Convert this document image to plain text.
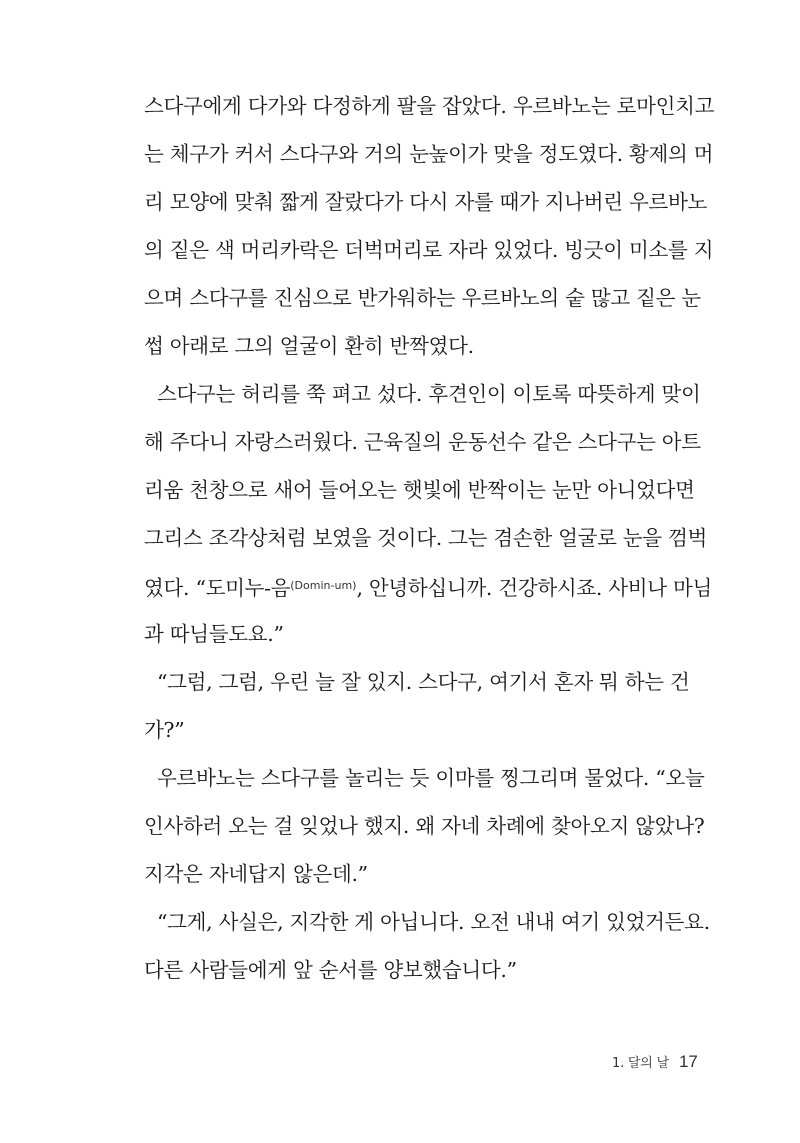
스다구에게 다가와 다정하게 팔을 잡았다. 우르바노는 로마인치고
는 체구가 커서 스다구와 거의 눈높이가 맞을 정도였다. 황제의 머
리 모양에 맞춰 짧게 잘랐다가 다시 자를 때가 지나버린 우르바노
의 짙은 색 머리카락은 더벅머리로 자라 있었다. 빙긋이 미소를 지
으며 스다구를 진심으로 반가워하는 우르바노의 숱 많고 짙은 눈
썹 아래로 그의 얼굴이 환히 반짝였다.
스다구는 허리를 쭉 펴고 섰다. 후견인이 이토록 따뜻하게 맞이
해 주다니 자랑스러웠다. 근육질의 운동선수 같은 스다구는 아트
리움 천창으로 새어 들어오는 햇빛에 반짝이는 눈만 아니었다면
그리스 조각상처럼 보였을 것이다. 그는 겸손한 얼굴로 눈을 껌벅
였다. “도미누-음$^{(Domin-um)}$, 안녕하십니까. 건강하시죠. 사비나 마님
과 따님들도요.”
“그럼, 그럼, 우린 늘 잘 있지. 스다구, 여기서 혼자 뭐 하는 건
가?”
우르바노는 스다구를 놀리는 듯 이마를 찡그리며 물었다. “오늘
인사하러 오는 걸 잊었나 했지. 왜 자네 차례에 찾아오지 않았나?
지각은 자네답지 않은데.”
“그게, 사실은, 지각한 게 아닙니다. 오전 내내 여기 있었거든요.
다른 사람들에게 앞 순서를 양보했습니다.”
1. 달의 날 17
